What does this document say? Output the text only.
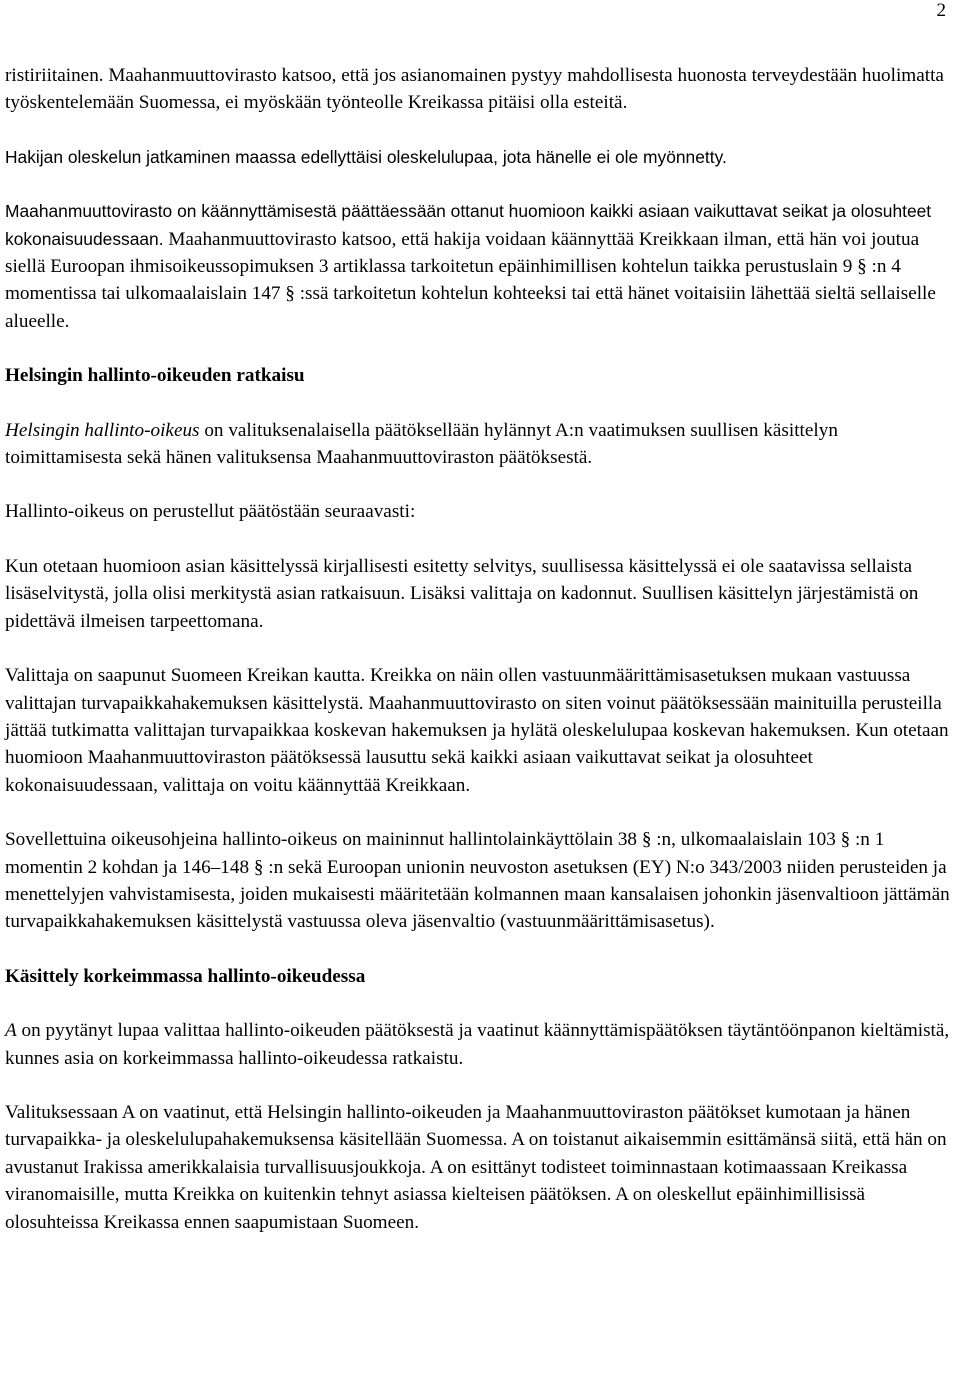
2

ristiriitainen. Maahanmuuttovirasto katsoo, että jos asianomainen pystyy mahdollisesta huonosta terveydestään huolimatta työskentelemään Suomessa, ei myöskään työnteolle Kreikassa pitäisi olla esteitä.

Hakijan oleskelun jatkaminen maassa edellyttäisi oleskelulupaa, jota hänelle ei ole myönnetty.

Maahanmuuttovirasto on käännyttämisestä päättäessään ottanut huomioon kaikki asiaan vaikuttavat seikat ja olosuhteet kokonaisuudessaan. Maahanmuuttovirasto katsoo, että hakija voidaan käännyttää Kreikkaan ilman, että hän voi joutua siellä Euroopan ihmisoikeussopimuksen 3 artiklassa tarkoitetun epäinhimillisen kohtelun taikka perustuslain 9 § :n 4 momentissa tai ulkomaalaislain 147 § :ssä tarkoitetun kohtelun kohteeksi tai että hänet voitaisiin lähettää sieltä sellaiselle alueelle.

Helsingin hallinto-oikeuden ratkaisu

Helsingin hallinto-oikeus on valituksenalaisella päätöksellään hylännyt A:n vaatimuksen suullisen käsittelyn toimittamisesta sekä hänen valituksensa Maahanmuuttoviraston päätöksestä.

Hallinto-oikeus on perustellut päätöstään seuraavasti:

Kun otetaan huomioon asian käsittelyssä kirjallisesti esitetty selvitys, suullisessa käsittelyssä ei ole saatavissa sellaista lisäselvitystä, jolla olisi merkitystä asian ratkaisuun. Lisäksi valittaja on kadonnut. Suullisen käsittelyn järjestämistä on pidettävä ilmeisen tarpeettomana.

Valittaja on saapunut Suomeen Kreikan kautta. Kreikka on näin ollen vastuunmäärittämisasetuksen mukaan vastuussa valittajan turvapaikkahakemuksen käsittelystä. Maahanmuuttovirasto on siten voinut päätöksessään mainituilla perusteilla jättää tutkimatta valittajan turvapaikkaa koskevan hakemuksen ja hylätä oleskelulupaa koskevan hakemuksen. Kun otetaan huomioon Maahanmuuttoviraston päätöksessä lausuttu sekä kaikki asiaan vaikuttavat seikat ja olosuhteet kokonaisuudessaan, valittaja on voitu käännyttää Kreikkaan.

Sovellettuina oikeusohjeina hallinto-oikeus on maininnut hallintolainkäyttölain 38 § :n, ulkomaalaislain 103 § :n 1 momentin 2 kohdan ja 146–148 § :n sekä Euroopan unionin neuvoston asetuksen (EY) N:o 343/2003 niiden perusteiden ja menettelyjen vahvistamisesta, joiden mukaisesti määritetään kolmannen maan kansalaisen johonkin jäsenvaltioon jättämän turvapaikkahakemuksen käsittelystä vastuussa oleva jäsenvaltio (vastuunmäärittämisasetus).

Käsittely korkeimmassa hallinto-oikeudessa

A on pyytänyt lupaa valittaa hallinto-oikeuden päätöksestä ja vaatinut käännyttämispäätöksen täytäntöönpanon kieltämistä, kunnes asia on korkeimmassa hallinto-oikeudessa ratkaistu.

Valituksessaan A on vaatinut, että Helsingin hallinto-oikeuden ja Maahanmuuttoviraston päätökset kumotaan ja hänen turvapaikka- ja oleskelulupahakemuksensa käsitellään Suomessa. A on toistanut aikaisemmin esittämänsä siitä, että hän on avustanut Irakissa amerikkalaisia turvallisuusjoukkoja. A on esittänyt todisteet toiminnastaan kotimaassaan Kreikassa viranomaisille, mutta Kreikka on kuitenkin tehnyt asiassa kielteisen päätöksen. A on oleskellut epäinhimillisissä olosuhteissa Kreikassa ennen saapumistaan Suomeen.
